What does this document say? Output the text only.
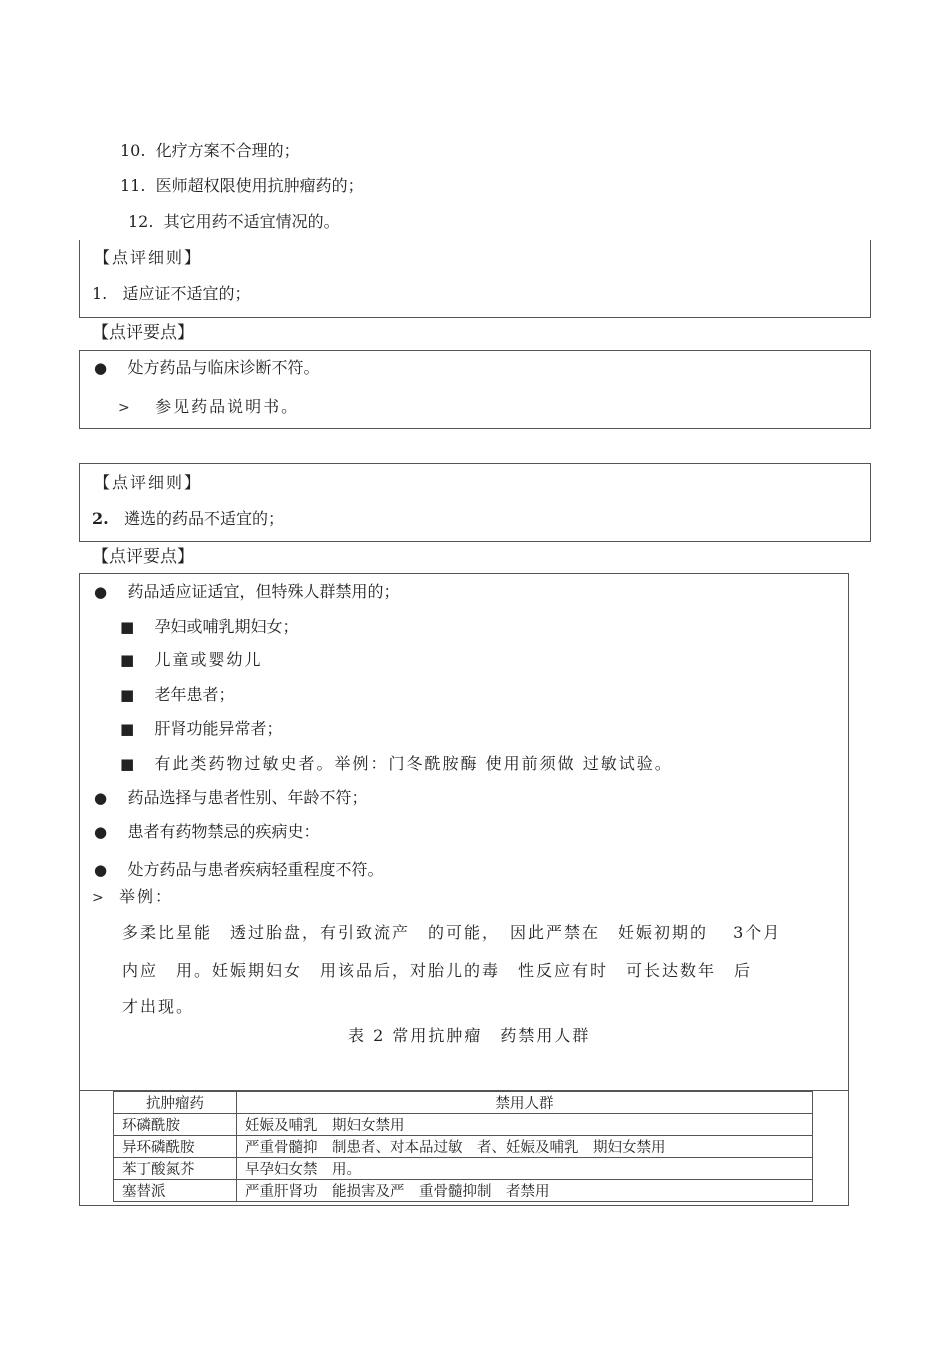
10. 化疗方案不合理的；
11. 医师超权限使用抗肿瘤药的；
12. 其它用药不适宜情况的。
【点评细则】
1. 适应证不适宜的；
【点评要点】
● 处方药品与临床诊断不符。
> 参见药品说明书。
【点评细则】
2. 遴选的药品不适宜的；
【点评要点】
● 药品适应证适宜，但特殊人群禁用的；
■ 孕妇或哺乳期妇女；
■ 儿童或婴幼儿
■ 老年患者；
■ 肝肾功能异常者；
■ 有此类药物过敏史者。举例：门冬酰胺酶 使用前须做 过敏试验。
● 药品选择与患者性别、年龄不符；
● 患者有药物禁忌的疾病史：
● 处方药品与患者疾病轻重程度不符。
> 举例：
多柔比星能　透过胎盘，有引致流产　的可能，　因此严禁在　妊娠初期的　 3个月
内应　用。妊娠期妇女　用该品后，对胎儿的毒　性反应有时　可长达数年　后
才出现。
表 2 常用抗肿瘤　药禁用人群
抗肿瘤药	禁用人群
环磷酰胺	妊娠及哺乳　期妇女禁用
异环磷酰胺	严重骨髓抑　制患者、对本品过敏　者、妊娠及哺乳　期妇女禁用
苯丁酸氮芥	早孕妇女禁　用。
塞替派	严重肝肾功　能损害及严　重骨髓抑制　者禁用
